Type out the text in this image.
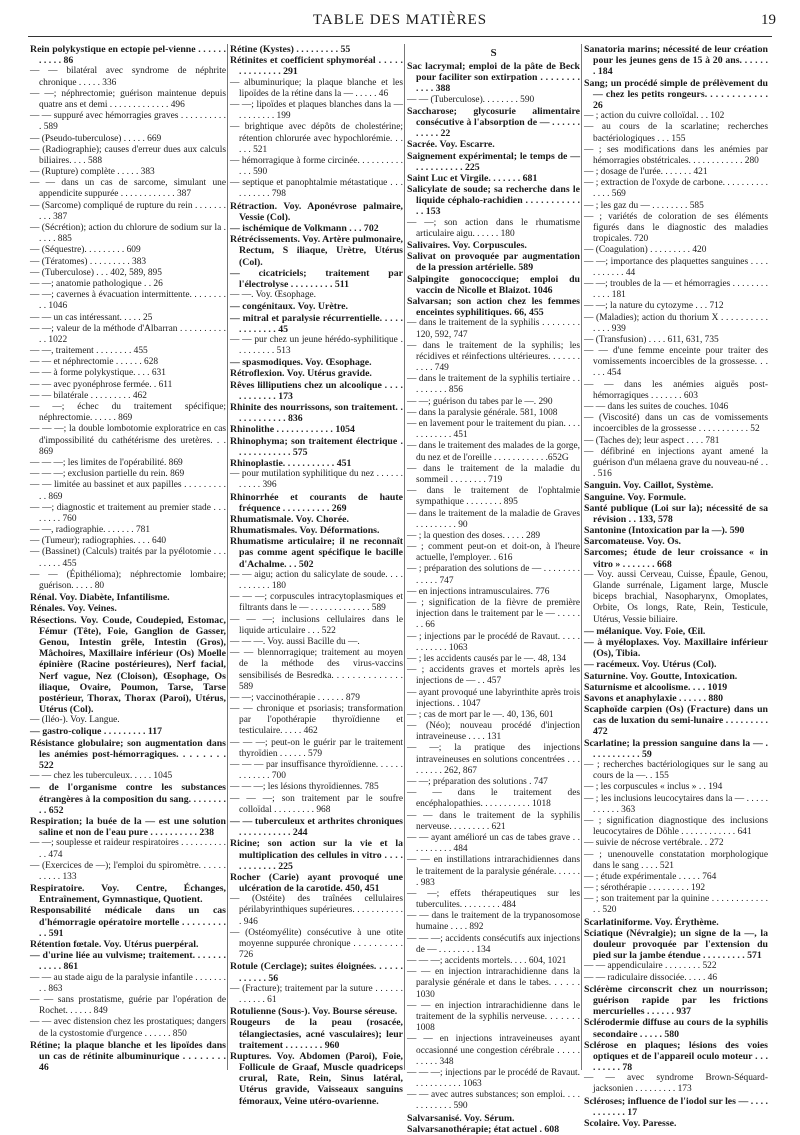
TABLE DES MATIÈRES	19
Rein polykystique en ectopie pel-vienne . . . . . . . . . . . 86
— — bilatéral avec syndrome de néphrite chronique . . . . . 336
— —; néphrectomie; guérison maintenue depuis quatre ans et demi . . . . . . . . . . . . . 496
— — suppuré avec hémorragies graves . . . . . . . . . . . 589
— (Pseudo-tuberculose) . . . . . 669
— (Radiographie); causes d'erreur dues aux calculs biliaires. . . . 588
— (Rupture) complète . . . . . 383
— — dans un cas de sarcome, simulant une appendicite suppurée . . . . . . . . . . . . 387
— (Sarcome) compliqué de rupture du rein . . . . . . . . . . 387
— (Sécrétion); action du chlorure de sodium sur la . . . . . 885
— (Séquestre). . . . . . . . . 609
— (Tératomes) . . . . . . . . . 383
— (Tuberculose) . . . 402, 589, 895
— —; anatomie pathologique . . 26
— —; cavernes à évacuation intermittente. . . . . . . . . . 1046
— — un cas intéressant. . . . . 25
— —; valeur de la méthode d'Albarran . . . . . . . . . . . . 1022
— —, traitement . . . . . . . . 455
— — et néphrectomie . . . . . . 628
— — à forme polykystique. . . . 631
— — avec pyonéphrose fermée. . 611
— — bilatérale . . . . . . . . . 462
— —; échec du traitement spécifique; néphrectomie. . . . . . 869
— — —; la double lombotomie exploratrice en cas d'impossibilité du cathétérisme des uretères. . . 869
— — —; les limites de l'opérabilité. 869
— — —; exclusion partielle du rein. 869
— — limitée au bassinet et aux papilles . . . . . . . . . . . 869
— —; diagnostic et traitement au premier stade . . . . . . . . 760
— —, radiographie. . . . . . . 781
— (Tumeur); radiographies. . . . 640
— (Bassinet) (Calculs) traités par la pyélotomie . . . . . . . . 455
— — (Épithélioma); néphrectomie lombaire; guérison. . . . . 80
Rénal. Voy. Diabète, Infantilisme.
Rénales. Voy. Veines.
Résections. Voy. Coude, Coudepied, Estomac, Fémur (Tête), Foie, Ganglion de Gasser, Genou, Intestin grêle, Intestin (Gros), Mâchoires, Maxillaire inférieur (Os) Moelle épinière (Racine postérieures), Nerf facial, Nerf vague, Nez (Cloison), Œsophage, Os iliaque, Ovaire, Poumon, Tarse, Tarse postérieur, Thorax, Thorax (Paroi), Utérus, Utérus (Col).
— (Iléo-). Voy. Langue.
— gastro-colique . . . . . . . . . 117
Résistance globulaire; son augmentation dans les anémies post-hémorragiques. . . . . . . . 522
— — chez les tuberculeux. . . . . 1045
— de l'organisme contre les substances étrangères à la composition du sang. . . . . . . . . . 652
Respiration; la buée de la — est une solution saline et non de l'eau pure . . . . . . . . . . 238
— —; souplesse et raideur respiratoires . . . . . . . . . . . . 474
— (Exercices de —); l'emploi du spiromètre. . . . . . . . . . . 133
Respiratoire. Voy. Centre, Échanges, Entraînement, Gymnastique, Quotient.
Responsabilité médicale dans un cas d'hémorragie opératoire mortelle . . . . . . . . . . . 591
Rétention fœtale. Voy. Utérus puerpéral.
— d'urine liée au vulvisme; traitement. . . . . . . . . . . . 861
— — au stade aigu de la paralysie infantile . . . . . . . . . 863
— — sans prostatisme, guérie par l'opération de Rochet. . . . . . 849
— — avec distension chez les prostatiques; dangers de la cystostomie d'urgence . . . . . . 850
Rétine; la plaque blanche et les lipoïdes dans un cas de rétinite albuminurique . . . . . . . . 46
Rétine (Kystes) . . . . . . . . . 55
Rétinites et coefficient sphymoréal . . . . . . . . . . . . . . 291
— albuminurique; la plaque blanche et les lipoïdes de la rétine dans la — . . . . . 46
— —; lipoïdes et plaques blanches dans la — . . . . . . . . 199
— brightique avec dépôts de cholestérine; rétention chlorurée avec hypochlorémie. . . . . . 521
— hémorragique à forme circinée. . . . . . . . . . . . . 590
— septique et panophtalmie métastatique . . . . . . . . . . 798
Rétraction. Voy. Aponévrose palmaire, Vessie (Col).
— ischémique de Volkmann . . . 702
Rétrécissements. Voy. Artère pulmonaire, Rectum, S iliaque, Urètre, Utérus (Col).
— cicatriciels; traitement par l'électrolyse . . . . . . . . . 511
— —. Voy. Œsophage.
— congénitaux. Voy. Urètre.
— mitral et paralysie récurrentielle. . . . . . . . . . . . . 45
— — pur chez un jeune hérédo-syphilitique . . . . . . . . . 513
— spasmodiques. Voy. Œsophage.
Rétroflexion. Voy. Utérus gravide.
Rêves lilliputiens chez un alcoolique . . . . . . . . . . . . 173
Rhinite des nourrissons, son traitement. . . . . . . . . . . . 836
Rhinolithe . . . . . . . . . . . . 1054
Rhinophyma; son traitement électrique . . . . . . . . . . . . 575
Rhinoplastie. . . . . . . . . . . 451
— pour mutilation syphilitique du nez . . . . . . . . . . . 396
Rhinorrhée et courants de haute fréquence . . . . . . . . . . 269
Rhumatismale. Voy. Chorée.
Rhumatismales. Voy. Déformations.
Rhumatisme articulaire; il ne reconnaît pas comme agent spécifique le bacille d'Achalme. . . 502
— — aigu; action du salicylate de soude. . . . . . . . . . . 180
— — —; corpuscules intracytoplasmiques et filtrants dans le — . . . . . . . . . . . . . 589
— — —; inclusions cellulaires dans le liquide articulaire . . . 522
— — —. Voy. aussi Bacille du —.
— — blennorragique; traitement au moyen de la méthode des virus-vaccins sensibilisés de Besredka. . . . . . . . . . . . . . 589
— —; vaccinothérapie . . . . . . 879
— — chronique et psoriasis; transformation par l'opothérapie thyroïdienne et testiculaire. . . . . 462
— — —; peut-on le guérir par le traitement thyroïdien . . . . . . 579
— — — par insuffisance thyroïdienne. . . . . . . . . . . . . 700
— — —; les lésions thyroïdiennes. 785
— — —; son traitement par le soufre colloïdal . . . . . . . . . 968
— — tuberculeux et arthrites chroniques . . . . . . . . . . . 244
Ricine; son action sur la vie et la multiplication des cellules in vitro . . . . . . . . . . . . 225
Rocher (Carie) ayant provoqué une ulcération de la carotide. 450, 451
— (Ostéite) des traînées cellulaires périlabyrinthiques supérieures. . . . . . . . . . . . 946
— (Ostéomyélite) consécutive à une otite moyenne suppurée chronique . . . . . . . . . . 726
Rotule (Cerclage); suites éloignées. . . . . . . . . . . . 56
— (Fracture); traitement par la suture . . . . . . . . . . . . 61
Rotulienne (Sous-). Voy. Bourse séreuse.
Rougeurs de la peau (rosacée, télangiectasies, acné vasculaires); leur traitement . . . . . . . . 960
Ruptures. Voy. Abdomen (Paroi), Foie, Follicule de Graaf, Muscle quadriceps crural, Rate, Rein, Sinus latéral, Utérus gravide, Vaisseaux sanguins fémoraux, Veine utéro-ovarienne.
S
Sac lacrymal; emploi de la pâte de Beck pour faciliter son extirpation . . . . . . . . . . . . 388
— — (Tuberculose). . . . . . . . 590
Saccharose; glycosurie alimentaire consécutive à l'absorption de — . . . . . . . . . . . 22
Sacrée. Voy. Escarre.
Saignement expérimental; le temps de — . . . . . . . . . . 225
Saint Luc et Virgile. . . . . . . 681
Salicylate de soude; sa recherche dans le liquide céphalo-rachidien . . . . . . . . . . . . . 153
— —; son action dans le rhumatisme articulaire aigu. . . . . . 180
Salivaires. Voy. Corpuscules.
Salivat on provoquée par augmentation de la pression artérielle. 589
Salpingite gonococcique; emploi du vaccin de Nicolle et Blaizot. 1046
Salvarsan; son action chez les femmes enceintes syphilitiques. 66, 455
— dans le traitement de la syphilis . . . . . . . . 120, 592, 747
— dans le traitement de la syphilis; les récidives et réinfections ultérieures. . . . . . . . . . . 749
— dans le traitement de la syphilis tertiaire . . . . . . . . . 856
— —; guérison du tabes par le —. 290
— dans la paralysie générale. 581, 1008
— en lavement pour le traitement du pian. . . . . . . . . . . . 451
— dans le traitement des malades de la gorge, du nez et de l'oreille . . . . . . . . . . . .652G
— dans le traitement de la maladie du sommeil . . . . . . . . 719
— dans le traitement de l'ophtalmie sympathique . . . . . . . . 895
— dans le traitement de la maladie de Graves . . . . . . . . . 90
— ; la question des doses. . . . . 289
— ; comment peut-on et doit-on, à l'heure actuelle, l'employer. . 616
— ; préparation des solutions de — . . . . . . . . . . . . . 747
— en injections intramusculaires. 776
— ; signification de la fièvre de première injection dans le traitement par le — . . . . . . . 66
— ; injections par le procédé de Ravaut. . . . . . . . . . . . 1063
— ; les accidents causés par le —. 48, 134
— ; accidents graves et mortels après les injections de — . . 457
— ayant provoqué une labyrinthite après trois injections. . 1047
— ; cas de mort par le —. 40, 136, 601
— (Néo); nouveau procédé d'injection intraveineuse . . . . 131
— —; la pratique des injections intraveineuses en solutions concentrées . . . . . . . . . 262, 867
— —; préparation des solutions . 747
— — dans le traitement des encéphalopathies. . . . . . . . . . . 1018
— — dans le traitement de la syphilis nerveuse. . . . . . . . . 621
— — ayant amélioré un cas de tabes grave . . . . . . . . . . 484
— — en instillations intrarachidiennes dans le traitement de la paralysie générale. . . . . . . 983
— —; effets thérapeutiques sur les tuberculites. . . . . . . . . 484
— — dans le traitement de la trypanosomose humaine . . . . 892
— — —; accidents consécutifs aux injections de — . . . . . . . . 134
— — —; accidents mortels. . . . 604, 1021
— — en injection intrarachidienne dans la paralysie générale et dans le tabes. . . . . . 1030
— — en injection intrarachidienne dans le traitement de la syphilis nerveuse. . . . . . . 1008
— — en injections intraveineuses ayant occasionné une congestion cérébrale . . . . . . . . . . 348
— — —; injections par le procédé de Ravaut. . . . . . . . . . . 1063
— — avec autres substances; son emploi. . . . . . . . . . . . 590
Salvarsanisé. Voy. Sérum.
Salvarsanothérapie; état actuel . 608
Sanatoria marins; nécessité de leur création pour les jeunes gens de 15 à 20 ans. . . . . . . 184
Sang; un procédé simple de prélèvement du — chez les petits rongeurs. . . . . . . . . . . . 26
— ; action du cuivre colloïdal. . . 102
— au cours de la scarlatine; recherches bactériologiques . . . 155
— ; ses modifications dans les anémies par hémorragies obstétricales. . . . . . . . . . . . 280
— ; dosage de l'urée. . . . . . . 421
— ; extraction de l'oxyde de carbone. . . . . . . . . . . . . . 569
— ; les gaz du — . . . . . . . . 585
— ; variétés de coloration de ses éléments figurés dans le diagnostic des maladies tropicales. 720
— (Coagulation) . . . . . . . . . 420
— —; importance des plaquettes sanguines . . . . . . . . . . . 44
— —; troubles de la — et hémorragies . . . . . . . . . . . . 181
— —; la nature du cytozyme . . . 712
— (Maladies); action du thorium X . . . . . . . . . . . . . . 939
— (Transfusion) . . . . 611, 631, 735
— — d'une femme enceinte pour traiter des vomissements incoercibles de la grossesse. . . . . . 454
— — dans les anémies aiguës post-hémorragiques . . . . . . . 603
— — dans les suites de couches. 1046
— (Viscosité) dans un cas de vomissements incoercibles de la grossesse . . . . . . . . . . . 52
— (Taches de); leur aspect . . . . 781
— défibriné en injections ayant amené la guérison d'un mélaena grave du nouveau-né . . . 516
Sanguin. Voy. Caillot, Système.
Sanguine. Voy. Formule.
Santé publique (Loi sur la); nécessité de sa révision . . 133, 578
Santonine (Intoxication par la —). 590
Sarcomateuse. Voy. Os.
Sarcomes; étude de leur croissance « in vitro » . . . . . . . 668
— Voy. aussi Cerveau, Cuisse, Épaule, Genou, Glande surrénale, Ligament large, Muscle biceps brachial, Nasopharynx, Omoplates, Orbite, Os longs, Rate, Rein, Testicule, Utérus, Vessie biliaire.
— mélanique. Voy. Foie, Œil.
— à myéloplaxes. Voy. Maxillaire inférieur (Os), Tibia.
— racémeux. Voy. Utérus (Col).
Saturnine. Voy. Goutte, Intoxication.
Saturnisme et alcoolisme. . . . 1019
Savons et anaphylaxie . . . . . . 880
Scaphoïde carpien (Os) (Fracture) dans un cas de luxation du semi-lunaire . . . . . . . . . 472
Scarlatine; la pression sanguine dans la — . . . . . . . . . . . 59
— ; recherches bactériologiques sur le sang au cours de la —. . 155
— ; les corpuscules « inclus » . . 194
— ; les inclusions leucocytaires dans la — . . . . . . . . . . . 363
— ; signification diagnostique des inclusions leucocytaires de Döhle . . . . . . . . . . . . 641
— suivie de nécrose vertébrale. . 272
— ; unenouvelle constatation morphologique dans le sang . . . . 521
— ; étude expérimentale . . . . . 764
— ; sérothérapie . . . . . . . . . 192
— ; son traitement par la quinine . . . . . . . . . . . . . . 520
Scarlatiniforme. Voy. Érythème.
Sciatique (Névralgie); un signe de la —, la douleur provoquée par l'extension du pied sur la jambe étendue . . . . . . . . . 571
— — appendiculaire . . . . . . . . 522
— — radiculaire dissociée. . . . . 46
Sclérème circonscrit chez un nourrisson; guérison rapide par les frictions mercurielles . . . . . . 937
Sclérodermie diffuse au cours de la syphilis secondaire . . . . . 580
Sclérose en plaques; lésions des voies optiques et de l'appareil oculo moteur . . . . . . . . . 78
— — avec syndrome Brown-Séquard-jacksonien . . . . . . . . . 173
Scléroses; influence de l'iodol sur les — . . . . . . . . . . . 17
Scolaire. Voy. Paresse.
